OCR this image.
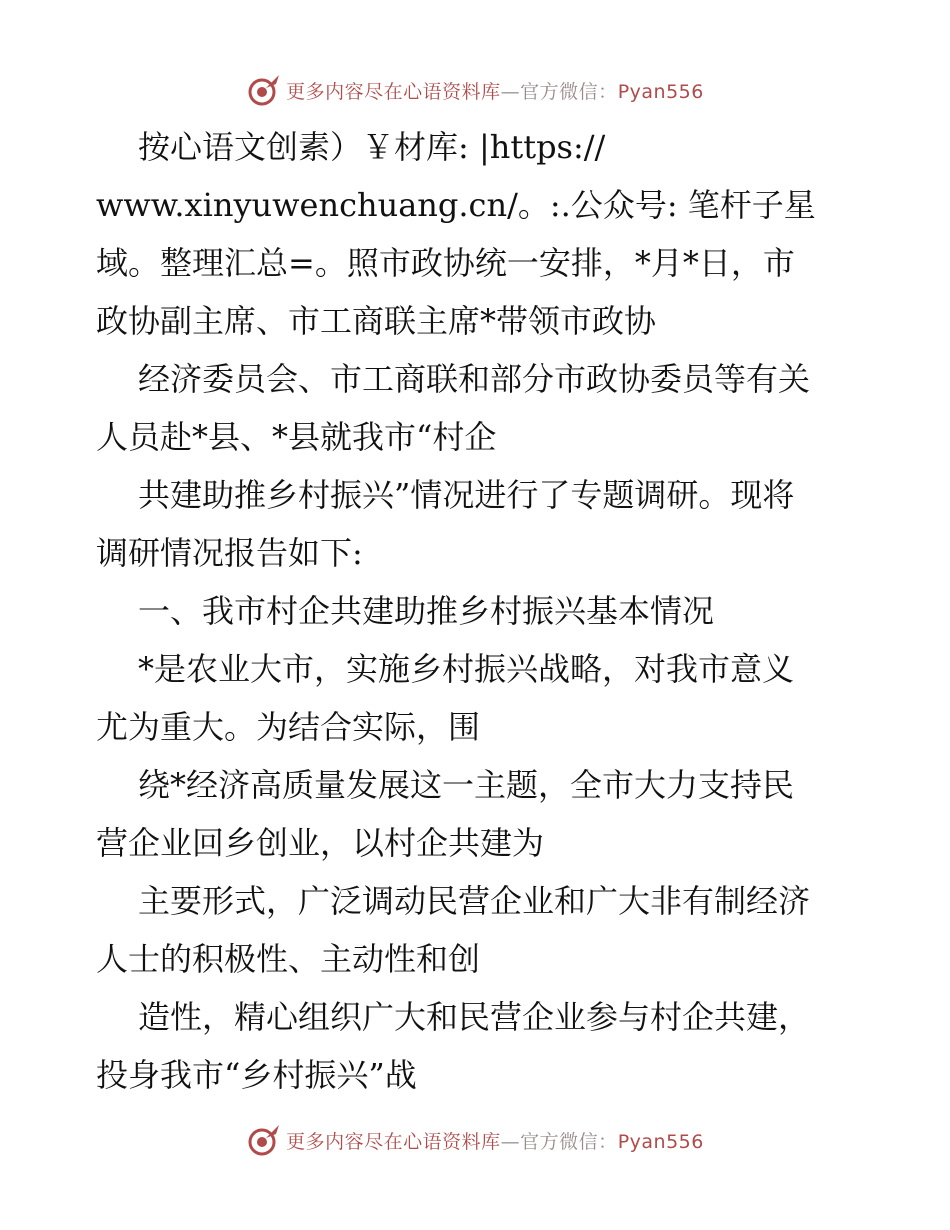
更多内容尽在心语资料库—官方微信：Pyan556
按心语文创素）￥材库: |https://
www.xinyuwenchuang.cn/。:.公众号: 笔杆子星
域。整理汇总=。照市政协统一安排，*月*日，市
政协副主席、市工商联主席*带领市政协
经济委员会、市工商联和部分市政协委员等有关
人员赴*县、*县就我市“村企
共建助推乡村振兴”情况进行了专题调研。现将
调研情况报告如下:
一、我市村企共建助推乡村振兴基本情况
*是农业大市，实施乡村振兴战略，对我市意义
尤为重大。为结合实际，围
绕*经济高质量发展这一主题，全市大力支持民
营企业回乡创业，以村企共建为
主要形式，广泛调动民营企业和广大非有制经济
人士的积极性、主动性和创
造性，精心组织广大和民营企业参与村企共建，
投身我市“乡村振兴”战
更多内容尽在心语资料库—官方微信：Pyan556
